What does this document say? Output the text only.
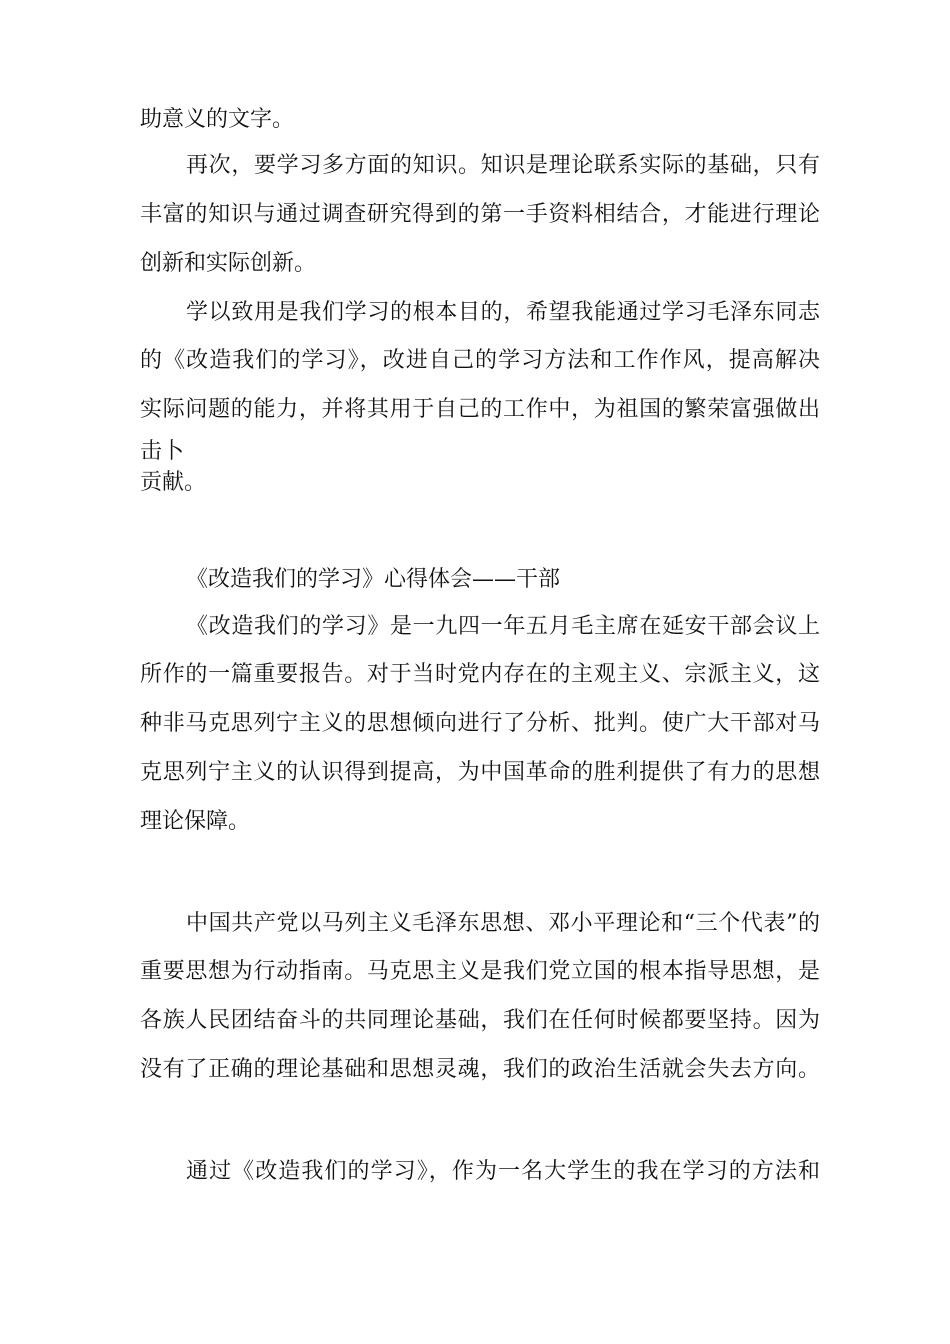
助意义的文字。
再次，要学习多方面的知识。知识是理论联系实际的基础，只有
丰富的知识与通过调查研究得到的第一手资料相结合，才能进行理论
创新和实际创新。
学以致用是我们学习的根本目的，希望我能通过学习毛泽东同志
的《改造我们的学习》，改进自己的学习方法和工作作风，提高解决
实际问题的能力，并将其用于自己的工作中，为祖国的繁荣富强做出
击卜
贡献。
《改造我们的学习》心得体会——干部
《改造我们的学习》是一九四一年五月毛主席在延安干部会议上
所作的一篇重要报告。对于当时党内存在的主观主义、宗派主义，这
种非马克思列宁主义的思想倾向进行了分析、批判。使广大干部对马
克思列宁主义的认识得到提高，为中国革命的胜利提供了有力的思想
理论保障。
中国共产党以马列主义毛泽东思想、邓小平理论和“三个代表”的
重要思想为行动指南。马克思主义是我们党立国的根本指导思想，是
各族人民团结奋斗的共同理论基础，我们在任何时候都要坚持。因为
没有了正确的理论基础和思想灵魂，我们的政治生活就会失去方向。
通过《改造我们的学习》，作为一名大学生的我在学习的方法和
